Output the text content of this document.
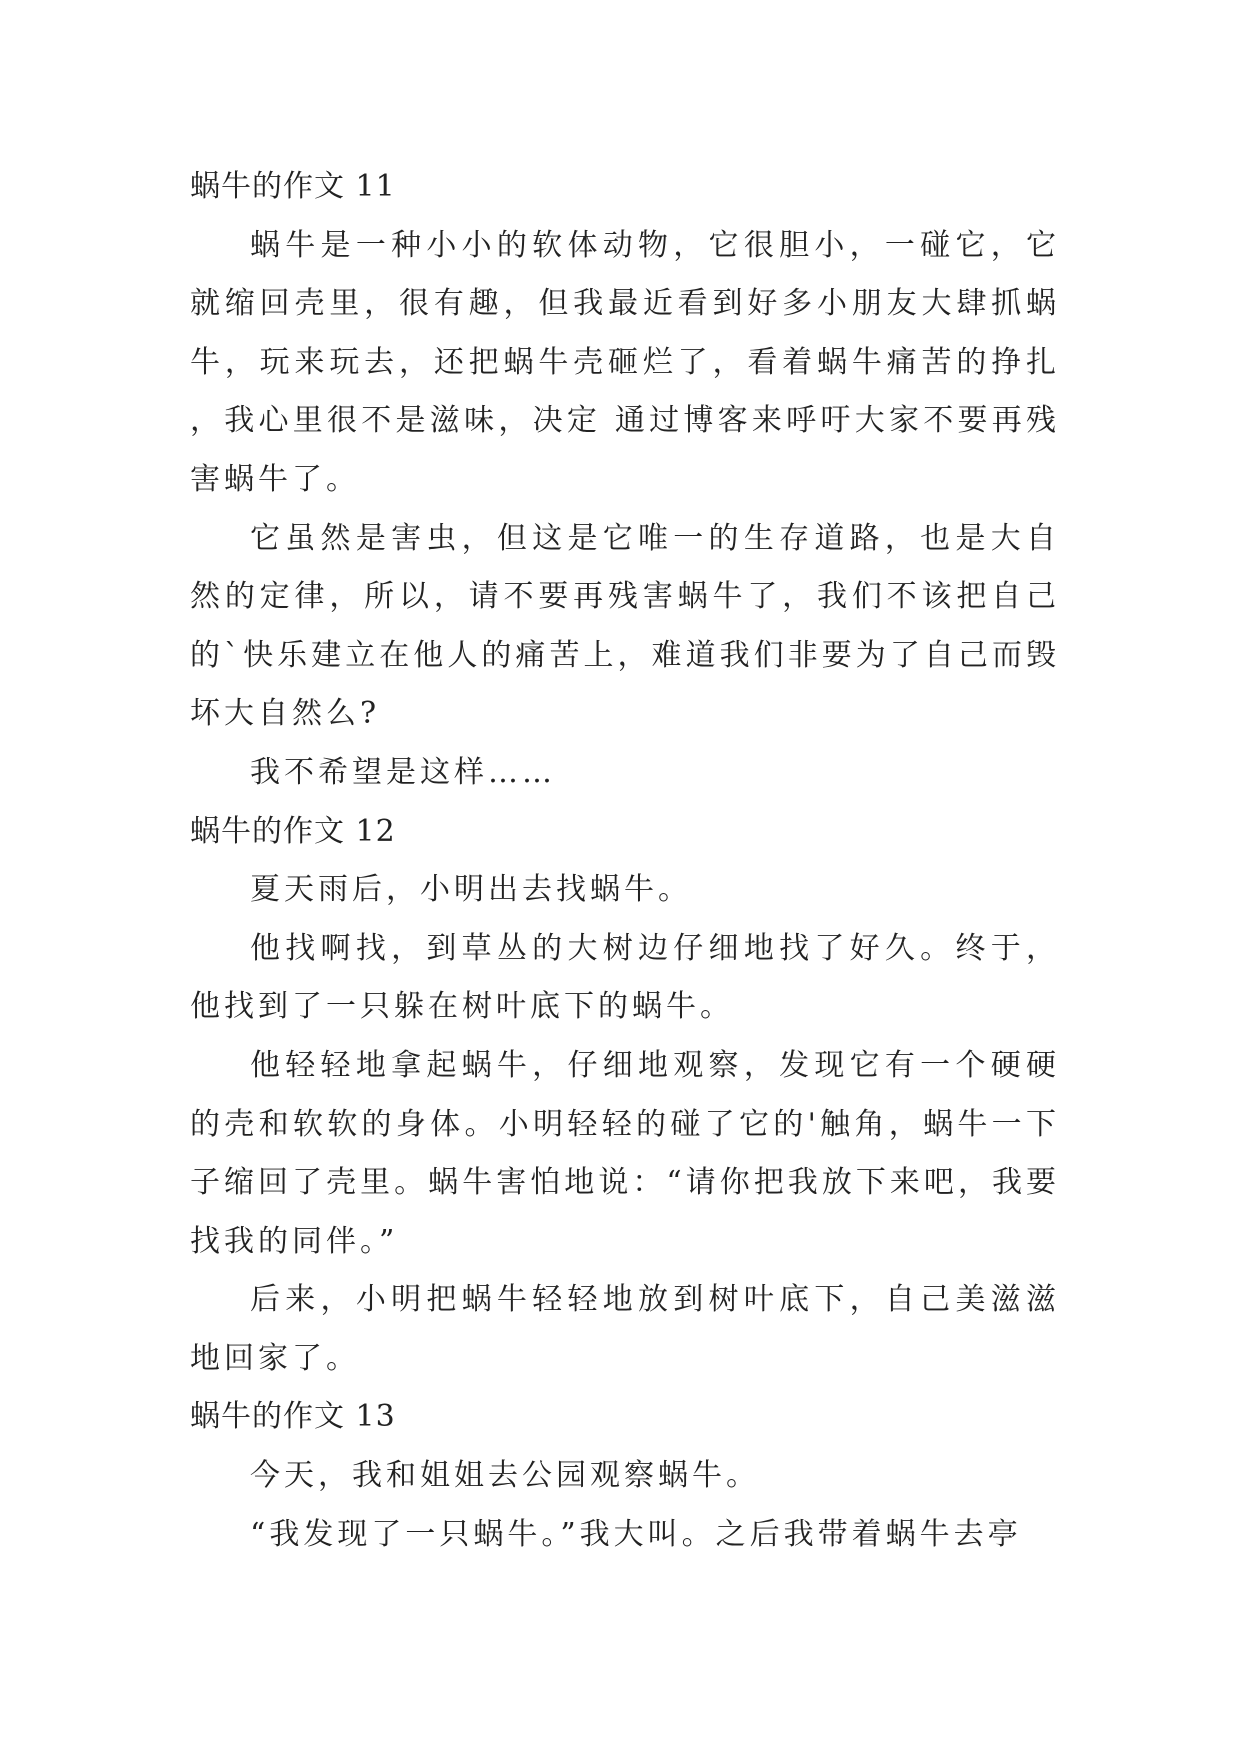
蜗牛的作文 11

蜗牛是一种小小的软体动物，它很胆小，一碰它，它就缩回壳里，很有趣，但我最近看到好多小朋友大肆抓蜗牛，玩来玩去，还把蜗牛壳砸烂了，看着蜗牛痛苦的挣扎，我心里很不是滋味，决定 通过博客来呼吁大家不要再残害蜗牛了。

它虽然是害虫，但这是它唯一的生存道路，也是大自然的定律，所以，请不要再残害蜗牛了，我们不该把自己的`快乐建立在他人的痛苦上，难道我们非要为了自己而毁坏大自然么?

我不希望是这样……

蜗牛的作文 12

夏天雨后，小明出去找蜗牛。

他找啊找，到草丛的大树边仔细地找了好久。终于，他找到了一只躲在树叶底下的蜗牛。

他轻轻地拿起蜗牛，仔细地观察，发现它有一个硬硬的壳和软软的身体。小明轻轻的碰了它的'触角，蜗牛一下子缩回了壳里。蜗牛害怕地说：“请你把我放下来吧，我要找我的同伴。”

后来，小明把蜗牛轻轻地放到树叶底下，自己美滋滋地回家了。

蜗牛的作文 13

今天，我和姐姐去公园观察蜗牛。

“我发现了一只蜗牛。”我大叫。之后我带着蜗牛去亭
